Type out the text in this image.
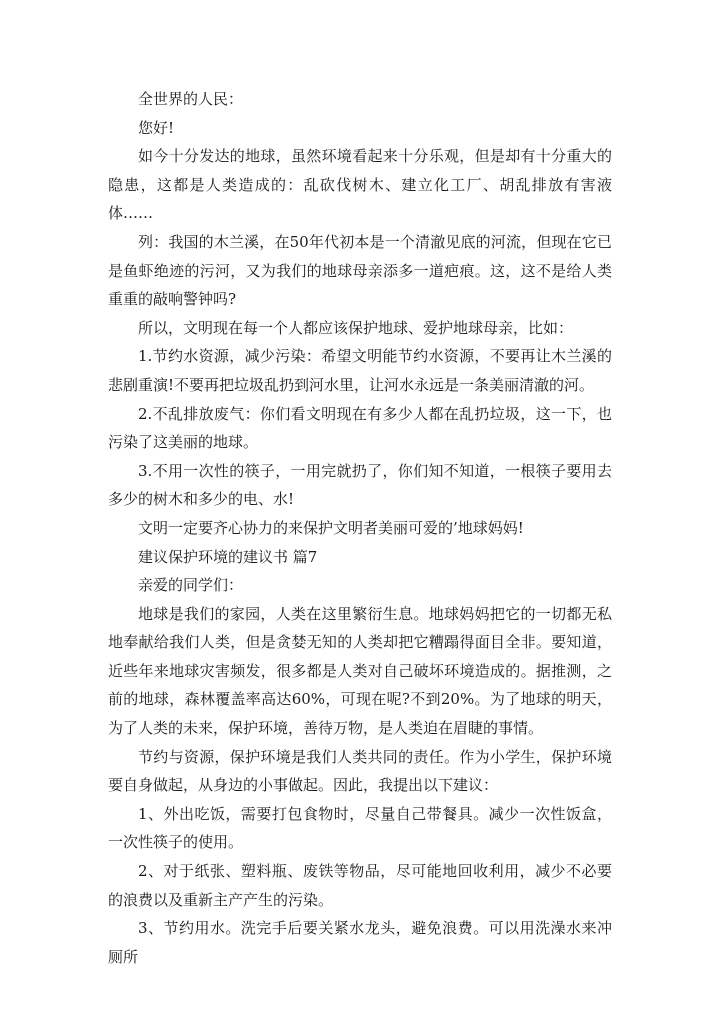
全世界的人民：

您好!

如今十分发达的地球，虽然环境看起来十分乐观，但是却有十分重大的隐患，这都是人类造成的：乱砍伐树木、建立化工厂、胡乱排放有害液体……

列：我国的木兰溪，在50年代初本是一个清澈见底的河流，但现在它已是鱼虾绝迹的污河，又为我们的地球母亲添多一道疤痕。这，这不是给人类重重的敲响警钟吗?

所以，文明现在每一个人都应该保护地球、爱护地球母亲，比如：

1.节约水资源，减少污染：希望文明能节约水资源，不要再让木兰溪的悲剧重演!不要再把垃圾乱扔到河水里，让河水永远是一条美丽清澈的河。

2.不乱排放废气：你们看文明现在有多少人都在乱扔垃圾，这一下，也污染了这美丽的地球。

3.不用一次性的筷子，一用完就扔了，你们知不知道，一根筷子要用去多少的树木和多少的电、水!

文明一定要齐心协力的来保护文明者美丽可爱的’地球妈妈!

建议保护环境的建议书 篇7

亲爱的同学们：

地球是我们的家园，人类在这里繁衍生息。地球妈妈把它的一切都无私地奉献给我们人类，但是贪婪无知的人类却把它糟蹋得面目全非。要知道，近些年来地球灾害频发，很多都是人类对自己破坏环境造成的。据推测，之前的地球，森林覆盖率高达60%，可现在呢?不到20%。为了地球的明天，为了人类的未来，保护环境，善待万物，是人类迫在眉睫的事情。

节约与资源，保护环境是我们人类共同的责任。作为小学生，保护环境要自身做起，从身边的小事做起。因此，我提出以下建议：

1、外出吃饭，需要打包食物时，尽量自己带餐具。减少一次性饭盒，一次性筷子的使用。

2、对于纸张、塑料瓶、废铁等物品，尽可能地回收利用，减少不必要的浪费以及重新主产产生的污染。

3、节约用水。洗完手后要关紧水龙头，避免浪费。可以用洗澡水来冲厕所
